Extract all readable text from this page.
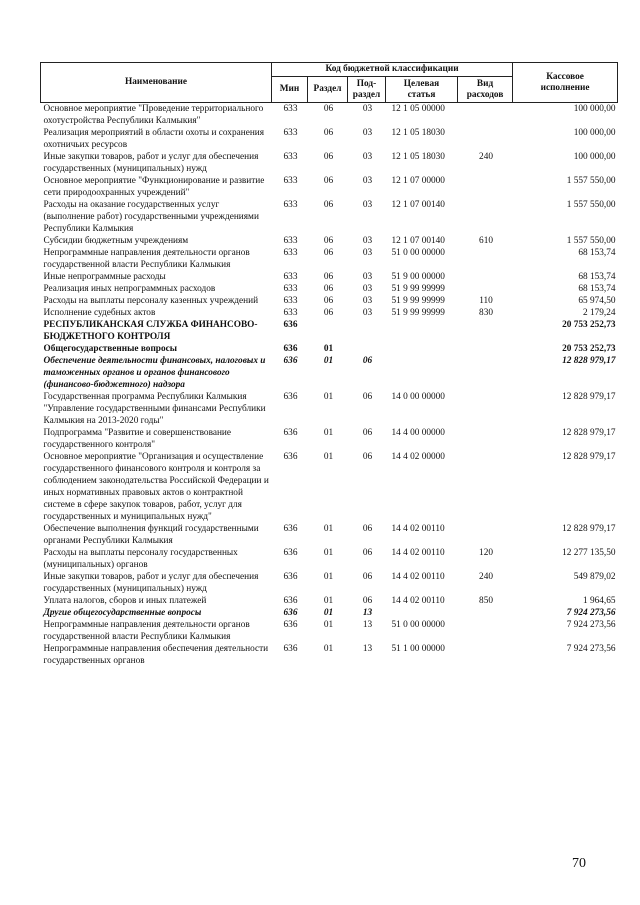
Наименование	Код бюджетной классификации					Кассовое
исполнение
	Мин	Раздел	Под-
раздел	Целевая
статья	Вид
расходов	
Основное мероприятие "Проведение территориального охотустройства Республики Калмыкия"	633	06	03	12 1 05 00000		100 000,00
Реализация мероприятий в области охоты и сохранения охотничьих ресурсов	633	06	03	12 1 05 18030		100 000,00
Иные закупки товаров, работ и услуг для обеспечения государственных (муниципальных) нужд	633	06	03	12 1 05 18030	240	100 000,00
Основное мероприятие "Функционирование и развитие сети природоохранных учреждений"	633	06	03	12 1 07 00000		1 557 550,00
Расходы на оказание государственных услуг (выполнение работ) государственными учреждениями Республики Калмыкия	633	06	03	12 1 07 00140		1 557 550,00
Субсидии бюджетным учреждениям	633	06	03	12 1 07 00140	610	1 557 550,00
Непрограммные направления деятельности органов государственной власти Республики Калмыкия	633	06	03	51 0 00 00000		68 153,74
Иные непрограммные расходы	633	06	03	51 9 00 00000		68 153,74
Реализация иных непрограммных расходов	633	06	03	51 9 99 99999		68 153,74
Расходы на выплаты персоналу казенных учреждений	633	06	03	51 9 99 99999	110	65 974,50
Исполнение судебных актов	633	06	03	51 9 99 99999	830	2 179,24
РЕСПУБЛИКАНСКАЯ СЛУЖБА ФИНАНСОВО-БЮДЖЕТНОГО КОНТРОЛЯ	636					20 753 252,73
Общегосударственные вопросы	636	01				20 753 252,73
Обеспечение деятельности финансовых, налоговых и таможенных органов и органов финансового (финансово-бюджетного) надзора	636	01	06			12 828 979,17
Государственная программа Республики Калмыкия "Управление государственными финансами Республики Калмыкия на 2013-2020 годы"	636	01	06	14 0 00 00000		12 828 979,17
Подпрограмма "Развитие и совершенствование государственного контроля"	636	01	06	14 4 00 00000		12 828 979,17
Основное мероприятие "Организация и осуществление государственного финансового контроля и контроля за соблюдением законодательства Российской Федерации и иных нормативных правовых актов о контрактной системе в сфере закупок товаров, работ, услуг для государственных и муниципальных нужд"	636	01	06	14 4 02 00000		12 828 979,17
Обеспечение выполнения функций государственными органами Республики Калмыкия	636	01	06	14 4 02 00110		12 828 979,17
Расходы на выплаты персоналу государственных (муниципальных) органов	636	01	06	14 4 02 00110	120	12 277 135,50
Иные закупки товаров, работ и услуг для обеспечения государственных (муниципальных) нужд	636	01	06	14 4 02 00110	240	549 879,02
Уплата налогов, сборов и иных платежей	636	01	06	14 4 02 00110	850	1 964,65
Другие общегосударственные вопросы	636	01	13			7 924 273,56
Непрограммные направления деятельности органов государственной власти Республики Калмыкия	636	01	13	51 0 00 00000		7 924 273,56
Непрограммные направления обеспечения деятельности государственных органов	636	01	13	51 1 00 00000		7 924 273,56
70
